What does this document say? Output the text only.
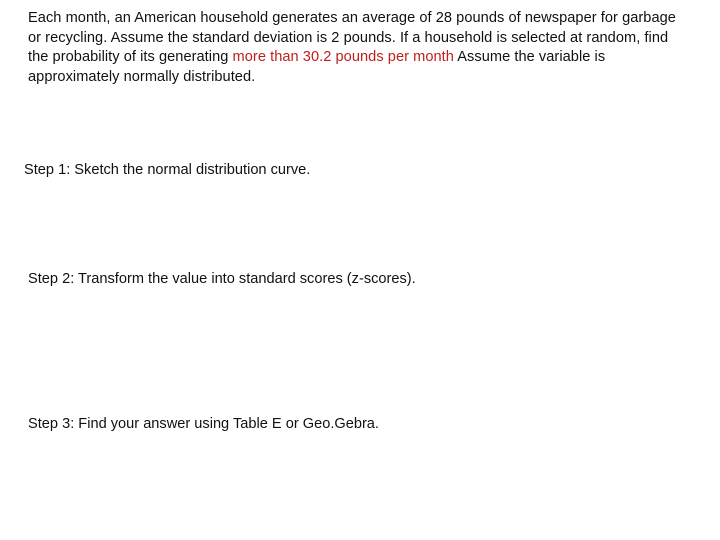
Each month, an American household generates an average of 28 pounds of newspaper for garbage or recycling. Assume the standard deviation is 2 pounds. If a household is selected at random, find the probability of its generating more than 30.2 pounds per month Assume the variable is approximately normally distributed.
Step 1: Sketch the normal distribution curve.
Step 2: Transform the value into standard scores (z-scores).
Step 3: Find your answer using Table E or Geo.Gebra.
